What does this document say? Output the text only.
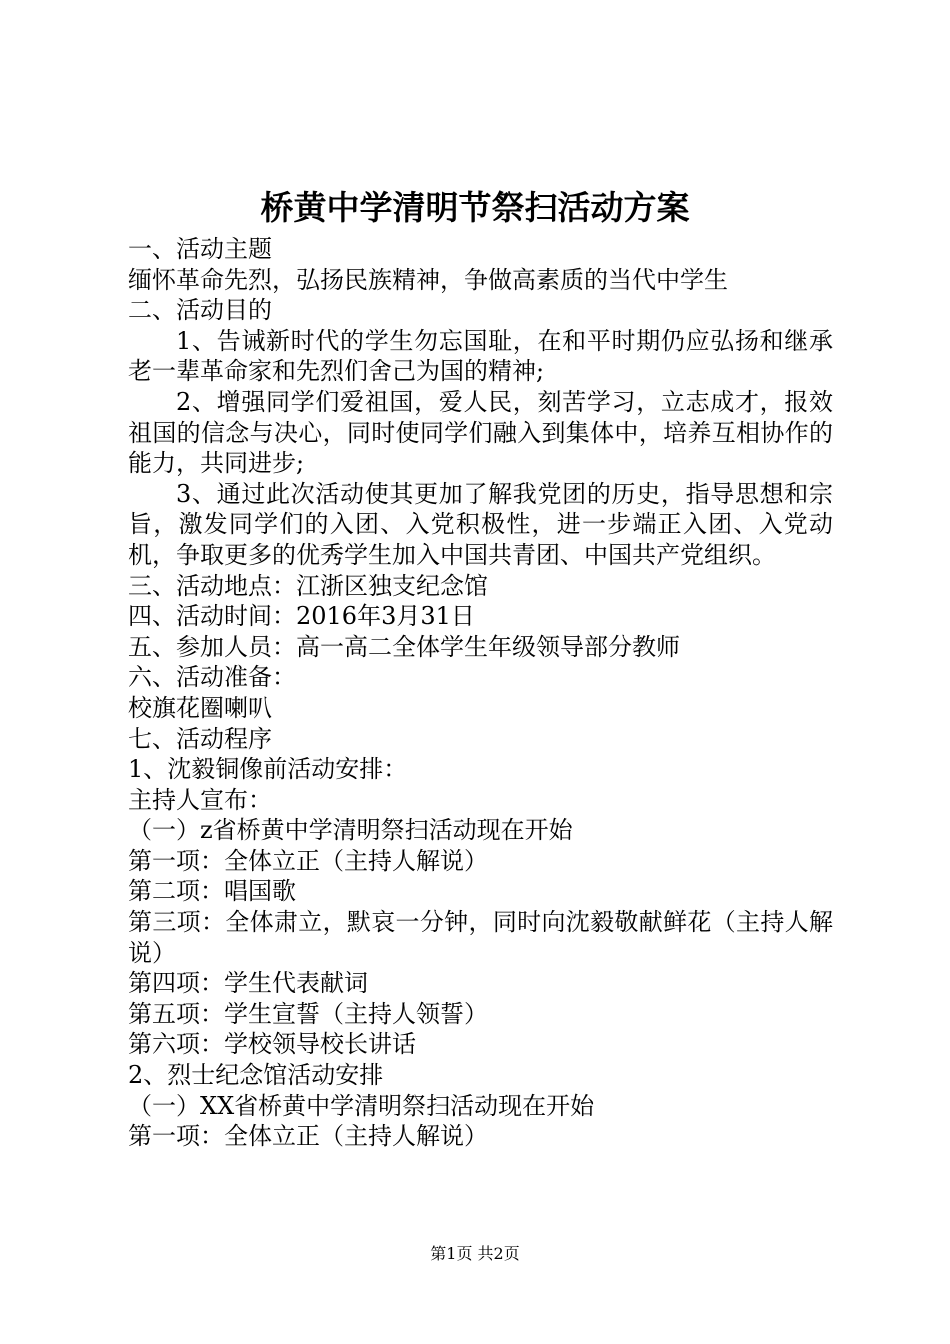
桥黄中学清明节祭扫活动方案

一、活动主题

缅怀革命先烈，弘扬民族精神，争做高素质的当代中学生

二、活动目的

1、告诫新时代的学生勿忘国耻，在和平时期仍应弘扬和继承老一辈革命家和先烈们舍己为国的精神;

2、增强同学们爱祖国，爱人民，刻苦学习，立志成才，报效祖国的信念与决心，同时使同学们融入到集体中，培养互相协作的能力，共同进步;

3、通过此次活动使其更加了解我党团的历史，指导思想和宗旨，激发同学们的入团、入党积极性，进一步端正入团、入党动机，争取更多的优秀学生加入中国共青团、中国共产党组织。

三、活动地点：江浙区独支纪念馆

四、活动时间：2016年3月31日

五、参加人员：高一高二全体学生年级领导部分教师

六、活动准备：

校旗花圈喇叭

七、活动程序

1、沈毅铜像前活动安排：

主持人宣布：

（一）z省桥黄中学清明祭扫活动现在开始

第一项：全体立正（主持人解说）

第二项：唱国歌

第三项：全体肃立，默哀一分钟，同时向沈毅敬献鲜花（主持人解说）

第四项：学生代表献词

第五项：学生宣誓（主持人领誓）

第六项：学校领导校长讲话

2、烈士纪念馆活动安排

（一）XX省桥黄中学清明祭扫活动现在开始

第一项：全体立正（主持人解说）

第1页 共2页
